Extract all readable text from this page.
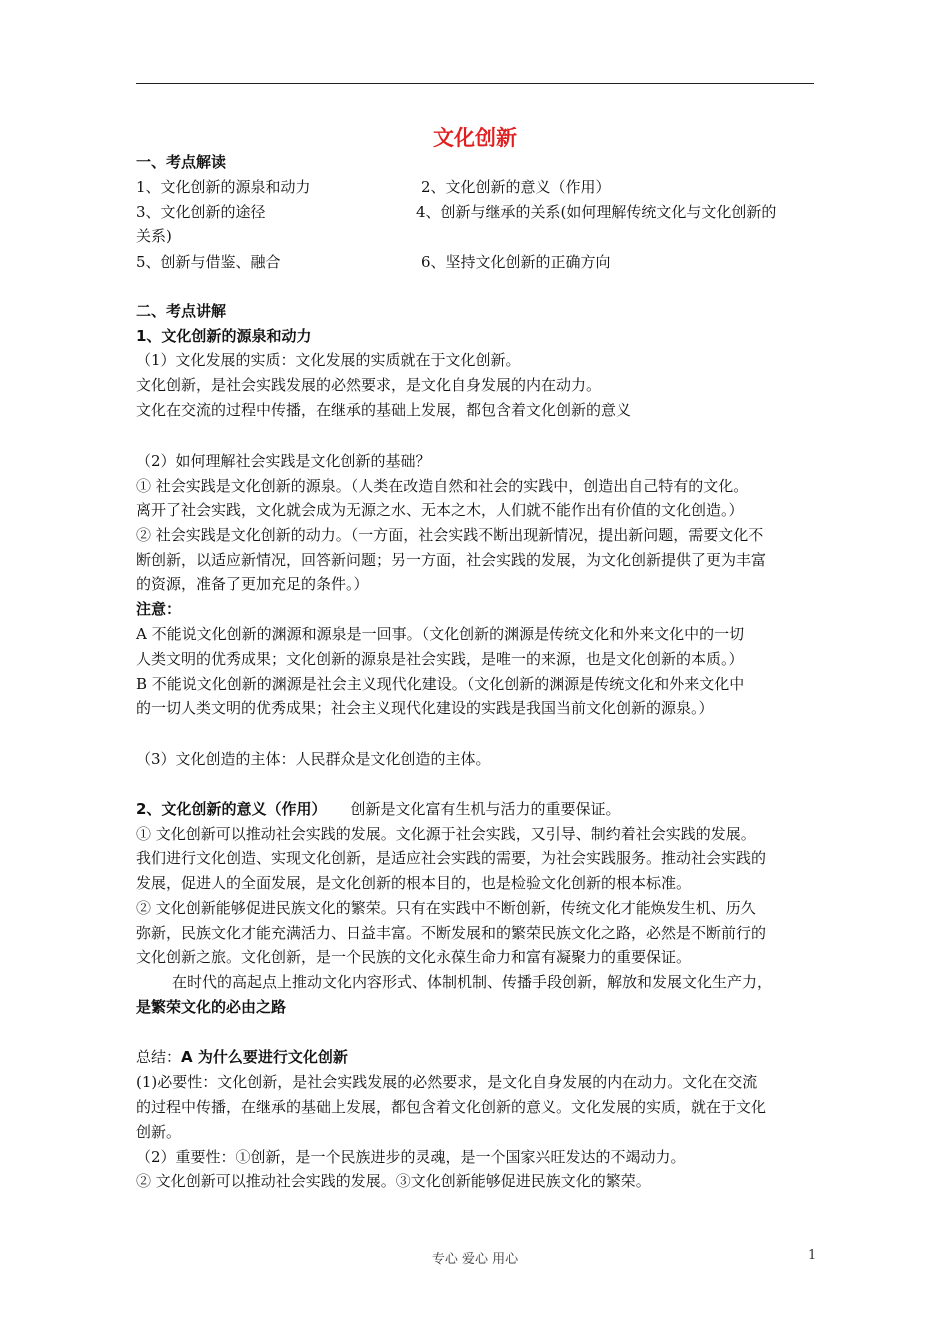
文化创新
一、考点解读
1、文化创新的源泉和动力	2、文化创新的意义（作用）
3、文化创新的途径	4、创新与继承的关系(如何理解传统文化与文化创新的
关系)
5、创新与借鉴、融合	6、坚持文化创新的正确方向
二、考点讲解
1、文化创新的源泉和动力
（1）文化发展的实质：文化发展的实质就在于文化创新。
文化创新，是社会实践发展的必然要求，是文化自身发展的内在动力。
文化在交流的过程中传播，在继承的基础上发展，都包含着文化创新的意义
（2）如何理解社会实践是文化创新的基础？
① 社会实践是文化创新的源泉。（人类在改造自然和社会的实践中，创造出自己特有的文化。
离开了社会实践，文化就会成为无源之水、无本之木，人们就不能作出有价值的文化创造。）
② 社会实践是文化创新的动力。（一方面，社会实践不断出现新情况，提出新问题，需要文化不
断创新，以适应新情况，回答新问题；另一方面，社会实践的发展，为文化创新提供了更为丰富
的资源，准备了更加充足的条件。）
注意：
A 不能说文化创新的渊源和源泉是一回事。（文化创新的渊源是传统文化和外来文化中的一切
人类文明的优秀成果；文化创新的源泉是社会实践，是唯一的来源，也是文化创新的本质。）
B 不能说文化创新的渊源是社会主义现代化建设。（文化创新的渊源是传统文化和外来文化中
的一切人类文明的优秀成果；社会主义现代化建设的实践是我国当前文化创新的源泉。）
（3）文化创造的主体：人民群众是文化创造的主体。
2、文化创新的意义（作用） 创新是文化富有生机与活力的重要保证。
① 文化创新可以推动社会实践的发展。文化源于社会实践，又引导、制约着社会实践的发展。
我们进行文化创造、实现文化创新，是适应社会实践的需要，为社会实践服务。推动社会实践的
发展，促进人的全面发展，是文化创新的根本目的，也是检验文化创新的根本标准。
② 文化创新能够促进民族文化的繁荣。只有在实践中不断创新，传统文化才能焕发生机、历久
弥新，民族文化才能充满活力、日益丰富。不断发展和的繁荣民族文化之路，必然是不断前行的
文化创新之旅。文化创新，是一个民族的文化永葆生命力和富有凝聚力的重要保证。
在时代的高起点上推动文化内容形式、体制机制、传播手段创新，解放和发展文化生产力，
是繁荣文化的必由之路
总结：A 为什么要进行文化创新
(1)必要性：文化创新，是社会实践发展的必然要求，是文化自身发展的内在动力。文化在交流
的过程中传播，在继承的基础上发展，都包含着文化创新的意义。文化发展的实质，就在于文化
创新。
（2）重要性：①创新，是一个民族进步的灵魂，是一个国家兴旺发达的不竭动力。
② 文化创新可以推动社会实践的发展。③文化创新能够促进民族文化的繁荣。
专心 爱心 用心	1
